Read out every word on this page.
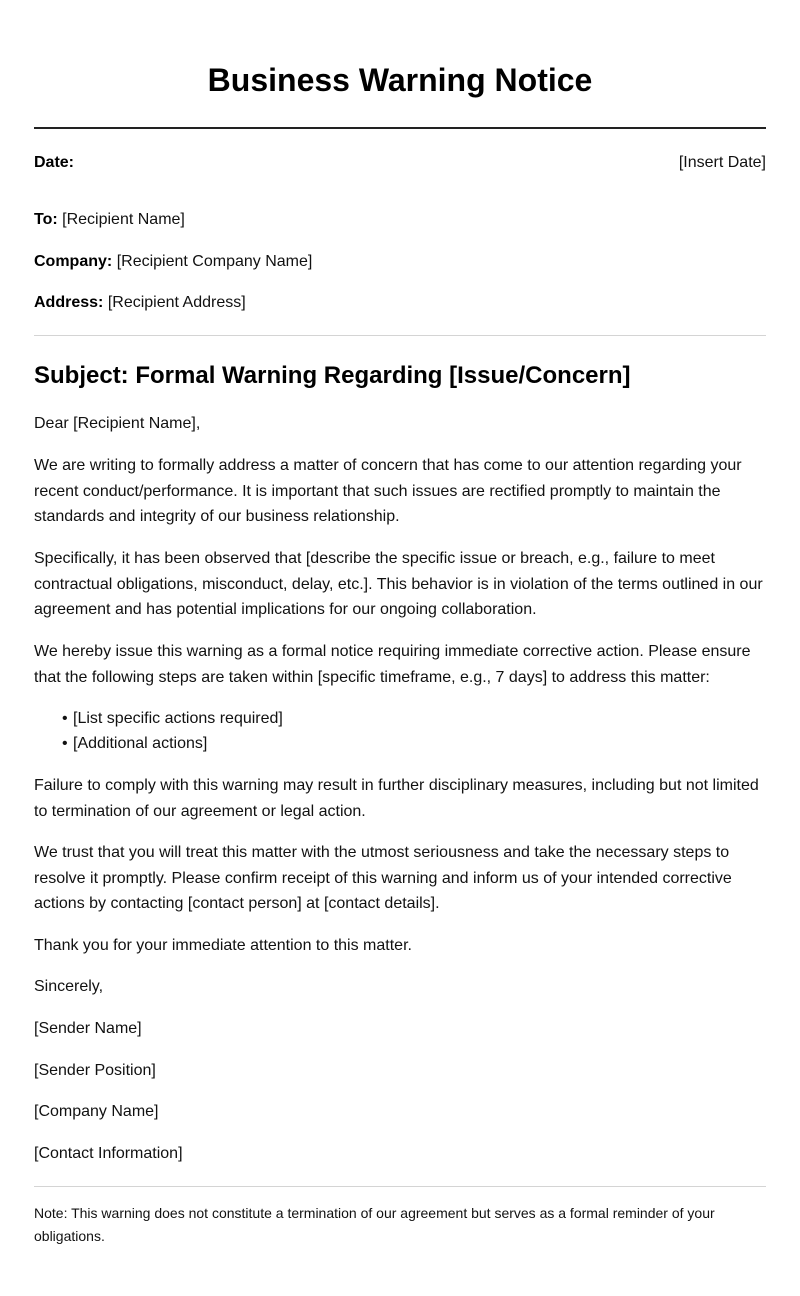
Business Warning Notice
Date:	[Insert Date]

To: [Recipient Name]

Company: [Recipient Company Name]

Address: [Recipient Address]

Subject: Formal Warning Regarding [Issue/Concern]

Dear [Recipient Name],

We are writing to formally address a matter of concern that has come to our attention regarding your recent conduct/performance. It is important that such issues are rectified promptly to maintain the standards and integrity of our business relationship.

Specifically, it has been observed that [describe the specific issue or breach, e.g., failure to meet contractual obligations, misconduct, delay, etc.]. This behavior is in violation of the terms outlined in our agreement and has potential implications for our ongoing collaboration.

We hereby issue this warning as a formal notice requiring immediate corrective action. Please ensure that the following steps are taken within [specific timeframe, e.g., 7 days] to address this matter:

• [List specific actions required]
• [Additional actions]

Failure to comply with this warning may result in further disciplinary measures, including but not limited to termination of our agreement or legal action.

We trust that you will treat this matter with the utmost seriousness and take the necessary steps to resolve it promptly. Please confirm receipt of this warning and inform us of your intended corrective actions by contacting [contact person] at [contact details].

Thank you for your immediate attention to this matter.

Sincerely,

[Sender Name]

[Sender Position]

[Company Name]

[Contact Information]

Note: This warning does not constitute a termination of our agreement but serves as a formal reminder of your obligations.
